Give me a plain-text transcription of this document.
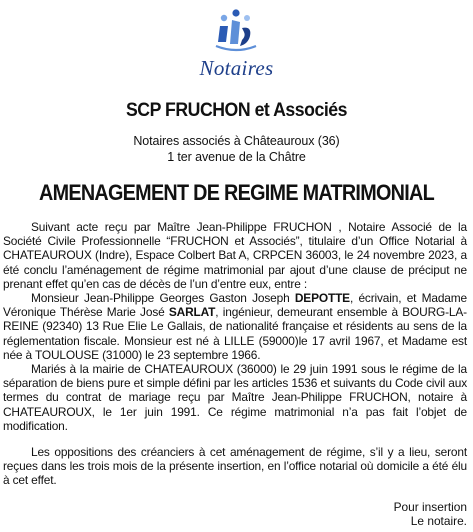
Notaires
SCP FRUCHON et Associés
Notaires associés à Châteauroux (36)
1 ter avenue de la Châtre
AMENAGEMENT DE REGIME MATRIMONIAL

Suivant acte reçu par Maître Jean-Philippe FRUCHON , Notaire Associé de la Société Civile Professionnelle “FRUCHON et Associés”, titulaire d’un Office Notarial à CHATEAUROUX (Indre), Espace Colbert Bat A, CRPCEN 36003, le 24 novembre 2023, a été conclu l’aménagement de régime matrimonial par ajout d’une clause de préciput ne prenant effet qu’en cas de décès de l’un d’entre eux, entre :

Monsieur Jean-Philippe Georges Gaston Joseph DEPOTTE, écrivain, et Madame Véronique Thérèse Marie José SARLAT, ingénieur, demeurant ensemble à BOURG-LA-REINE (92340) 13 Rue Elie Le Gallais, de nationalité française et résidents au sens de la réglementation fiscale. Monsieur est né à LILLE (59000)le 17 avril 1967, et Madame est née à TOULOUSE (31000) le 23 septembre 1966.

Mariés à la mairie de CHATEAUROUX (36000) le 29 juin 1991 sous le régime de la séparation de biens pure et simple défini par les articles 1536 et suivants du Code civil aux termes du contrat de mariage reçu par Maître Jean-Philippe FRUCHON, notaire à CHATEAUROUX, le 1er juin 1991. Ce régime matrimonial n’a pas fait l’objet de modification.

Les oppositions des créanciers à cet aménagement de régime, s’il y a lieu, seront reçues dans les trois mois de la présente insertion, en l’office notarial où domicile a été élu à cet effet.

Pour insertion
Le notaire.
